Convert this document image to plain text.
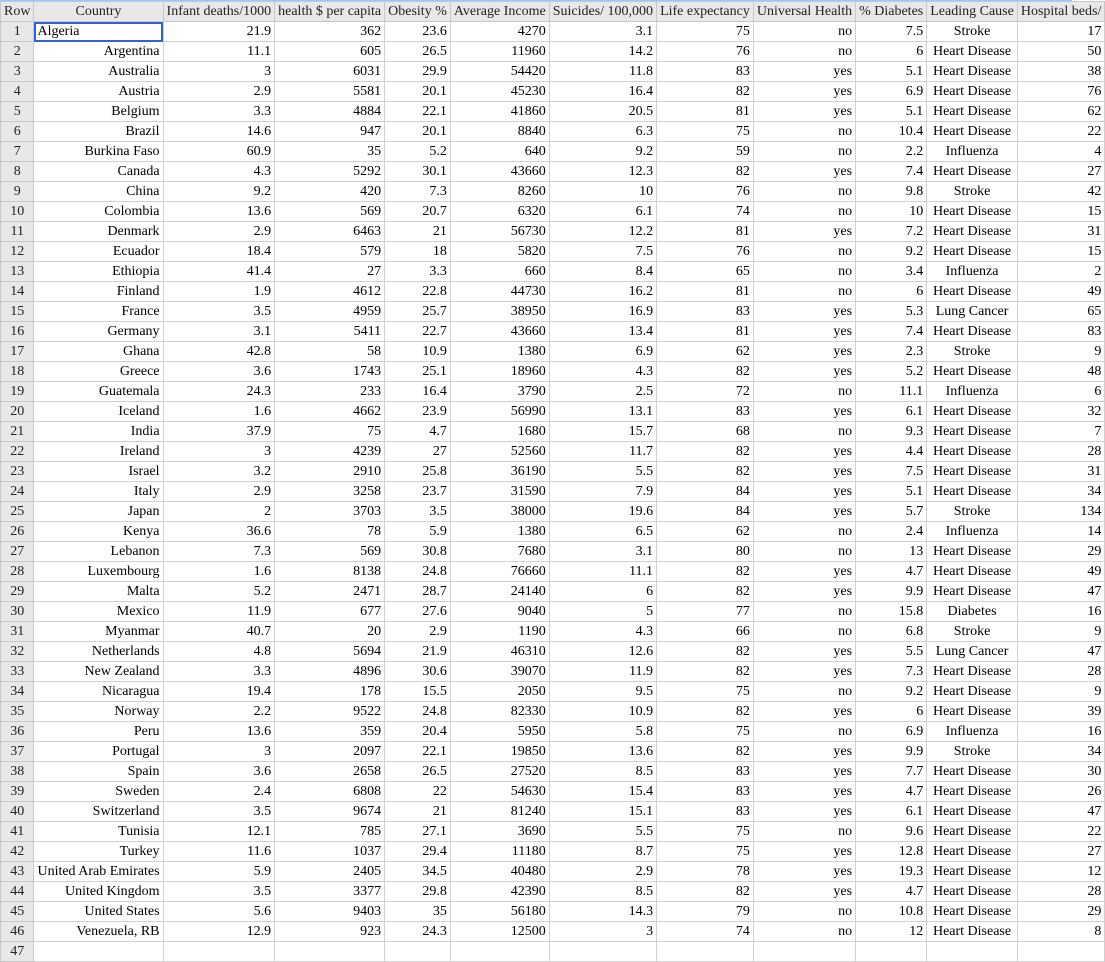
Row	Country	Infant deaths/1000	health $ per capita	Obesity %	Average Income	Suicides/ 100,000	Life expectancy	Universal Health	% Diabetes	Leading Cause	Hospital beds/
1	Algeria	21.9	362	23.6	4270	3.1	75	no	7.5	Stroke	17
2	Argentina	11.1	605	26.5	11960	14.2	76	no	6	Heart Disease	50
3	Australia	3	6031	29.9	54420	11.8	83	yes	5.1	Heart Disease	38
4	Austria	2.9	5581	20.1	45230	16.4	82	yes	6.9	Heart Disease	76
5	Belgium	3.3	4884	22.1	41860	20.5	81	yes	5.1	Heart Disease	62
6	Brazil	14.6	947	20.1	8840	6.3	75	no	10.4	Heart Disease	22
7	Burkina Faso	60.9	35	5.2	640	9.2	59	no	2.2	Influenza	4
8	Canada	4.3	5292	30.1	43660	12.3	82	yes	7.4	Heart Disease	27
9	China	9.2	420	7.3	8260	10	76	no	9.8	Stroke	42
10	Colombia	13.6	569	20.7	6320	6.1	74	no	10	Heart Disease	15
11	Denmark	2.9	6463	21	56730	12.2	81	yes	7.2	Heart Disease	31
12	Ecuador	18.4	579	18	5820	7.5	76	no	9.2	Heart Disease	15
13	Ethiopia	41.4	27	3.3	660	8.4	65	no	3.4	Influenza	2
14	Finland	1.9	4612	22.8	44730	16.2	81	no	6	Heart Disease	49
15	France	3.5	4959	25.7	38950	16.9	83	yes	5.3	Lung Cancer	65
16	Germany	3.1	5411	22.7	43660	13.4	81	yes	7.4	Heart Disease	83
17	Ghana	42.8	58	10.9	1380	6.9	62	yes	2.3	Stroke	9
18	Greece	3.6	1743	25.1	18960	4.3	82	yes	5.2	Heart Disease	48
19	Guatemala	24.3	233	16.4	3790	2.5	72	no	11.1	Influenza	6
20	Iceland	1.6	4662	23.9	56990	13.1	83	yes	6.1	Heart Disease	32
21	India	37.9	75	4.7	1680	15.7	68	no	9.3	Heart Disease	7
22	Ireland	3	4239	27	52560	11.7	82	yes	4.4	Heart Disease	28
23	Israel	3.2	2910	25.8	36190	5.5	82	yes	7.5	Heart Disease	31
24	Italy	2.9	3258	23.7	31590	7.9	84	yes	5.1	Heart Disease	34
25	Japan	2	3703	3.5	38000	19.6	84	yes	5.7	Stroke	134
26	Kenya	36.6	78	5.9	1380	6.5	62	no	2.4	Influenza	14
27	Lebanon	7.3	569	30.8	7680	3.1	80	no	13	Heart Disease	29
28	Luxembourg	1.6	8138	24.8	76660	11.1	82	yes	4.7	Heart Disease	49
29	Malta	5.2	2471	28.7	24140	6	82	yes	9.9	Heart Disease	47
30	Mexico	11.9	677	27.6	9040	5	77	no	15.8	Diabetes	16
31	Myanmar	40.7	20	2.9	1190	4.3	66	no	6.8	Stroke	9
32	Netherlands	4.8	5694	21.9	46310	12.6	82	yes	5.5	Lung Cancer	47
33	New Zealand	3.3	4896	30.6	39070	11.9	82	yes	7.3	Heart Disease	28
34	Nicaragua	19.4	178	15.5	2050	9.5	75	no	9.2	Heart Disease	9
35	Norway	2.2	9522	24.8	82330	10.9	82	yes	6	Heart Disease	39
36	Peru	13.6	359	20.4	5950	5.8	75	no	6.9	Influenza	16
37	Portugal	3	2097	22.1	19850	13.6	82	yes	9.9	Stroke	34
38	Spain	3.6	2658	26.5	27520	8.5	83	yes	7.7	Heart Disease	30
39	Sweden	2.4	6808	22	54630	15.4	83	yes	4.7	Heart Disease	26
40	Switzerland	3.5	9674	21	81240	15.1	83	yes	6.1	Heart Disease	47
41	Tunisia	12.1	785	27.1	3690	5.5	75	no	9.6	Heart Disease	22
42	Turkey	11.6	1037	29.4	11180	8.7	75	yes	12.8	Heart Disease	27
43	United Arab Emirates	5.9	2405	34.5	40480	2.9	78	yes	19.3	Heart Disease	12
44	United Kingdom	3.5	3377	29.8	42390	8.5	82	yes	4.7	Heart Disease	28
45	United States	5.6	9403	35	56180	14.3	79	no	10.8	Heart Disease	29
46	Venezuela, RB	12.9	923	24.3	12500	3	74	no	12	Heart Disease	8
47											
